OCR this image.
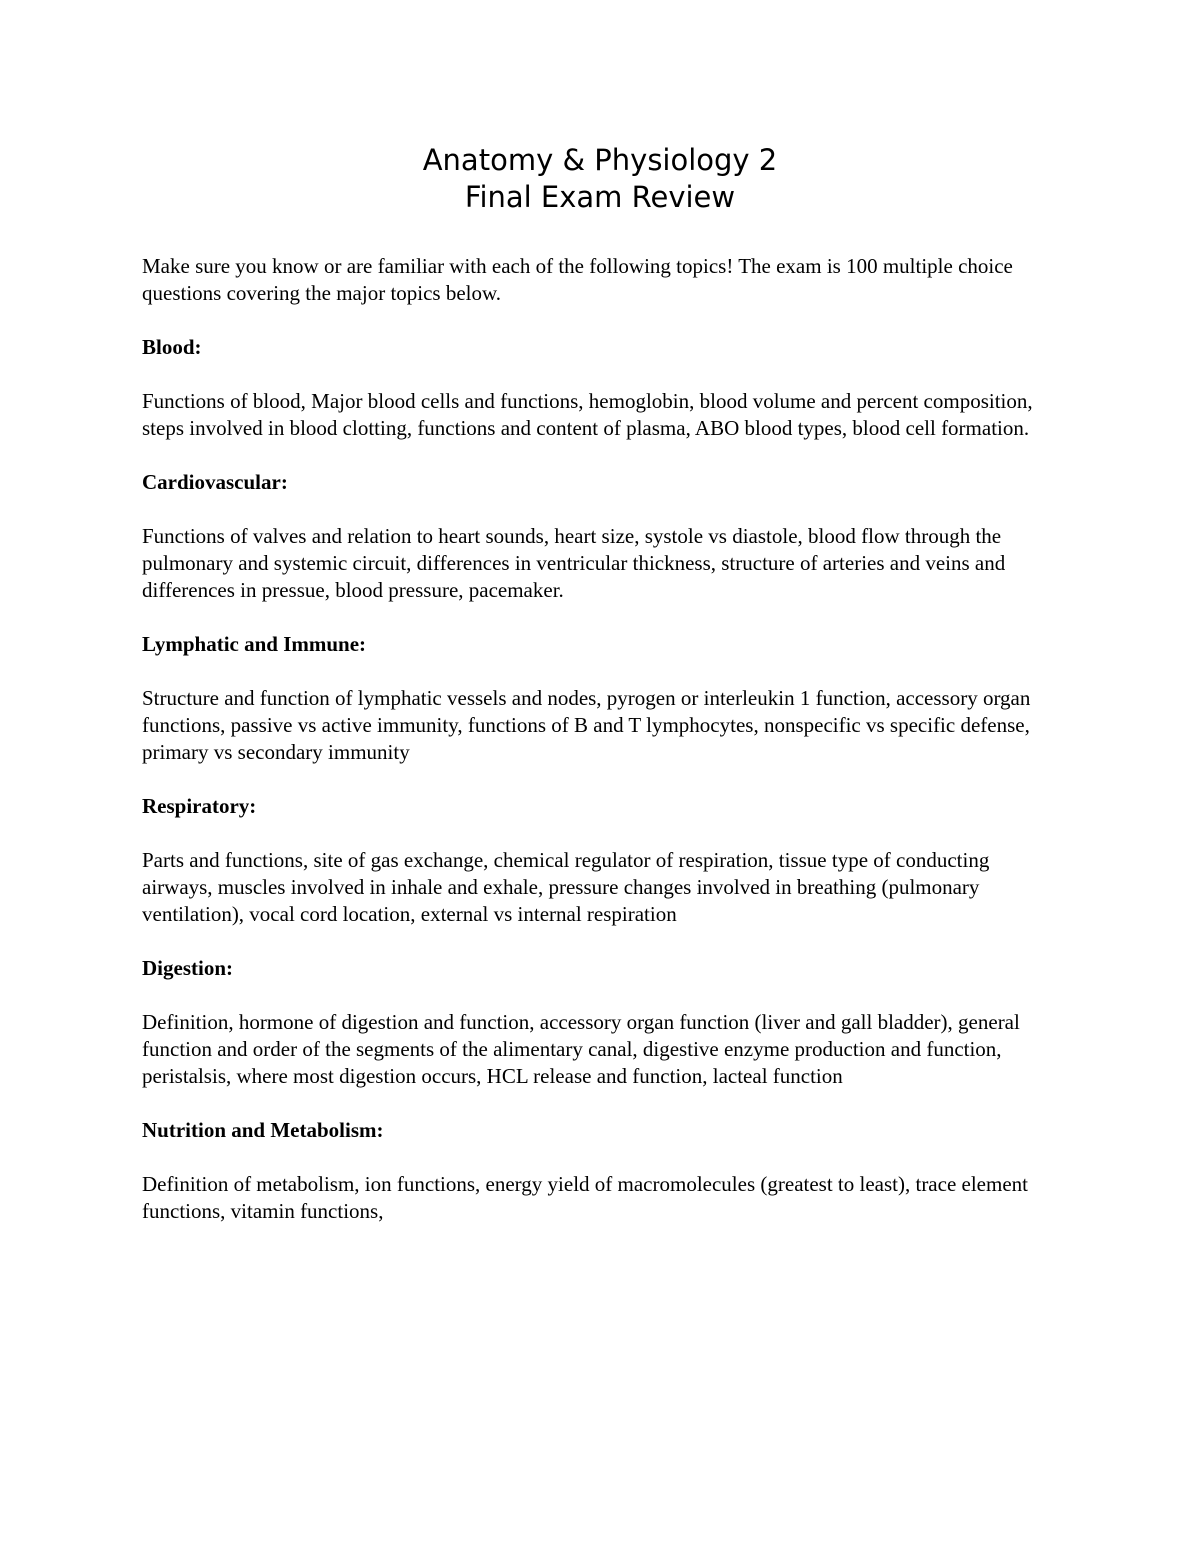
Anatomy & Physiology 2
Final Exam Review

Make sure you know or are familiar with each of the following topics! The exam is 100 multiple choice questions covering the major topics below.

Blood:

Functions of blood, Major blood cells and functions, hemoglobin, blood volume and percent composition, steps involved in blood clotting, functions and content of plasma, ABO blood types, blood cell formation.

Cardiovascular:

Functions of valves and relation to heart sounds, heart size, systole vs diastole, blood flow through the pulmonary and systemic circuit, differences in ventricular thickness, structure of arteries and veins and differences in pressue, blood pressure, pacemaker.

Lymphatic and Immune:

Structure and function of lymphatic vessels and nodes, pyrogen or interleukin 1 function, accessory organ functions, passive vs active immunity, functions of B and T lymphocytes, nonspecific vs specific defense, primary vs secondary immunity

Respiratory:

Parts and functions, site of gas exchange, chemical regulator of respiration, tissue type of conducting airways, muscles involved in inhale and exhale, pressure changes involved in breathing (pulmonary ventilation), vocal cord location, external vs internal respiration

Digestion:

Definition, hormone of digestion and function, accessory organ function (liver and gall bladder), general function and order of the segments of the alimentary canal, digestive enzyme production and function, peristalsis, where most digestion occurs, HCL release and function, lacteal function

Nutrition and Metabolism:

Definition of metabolism, ion functions, energy yield of macromolecules (greatest to least), trace element functions, vitamin functions,
